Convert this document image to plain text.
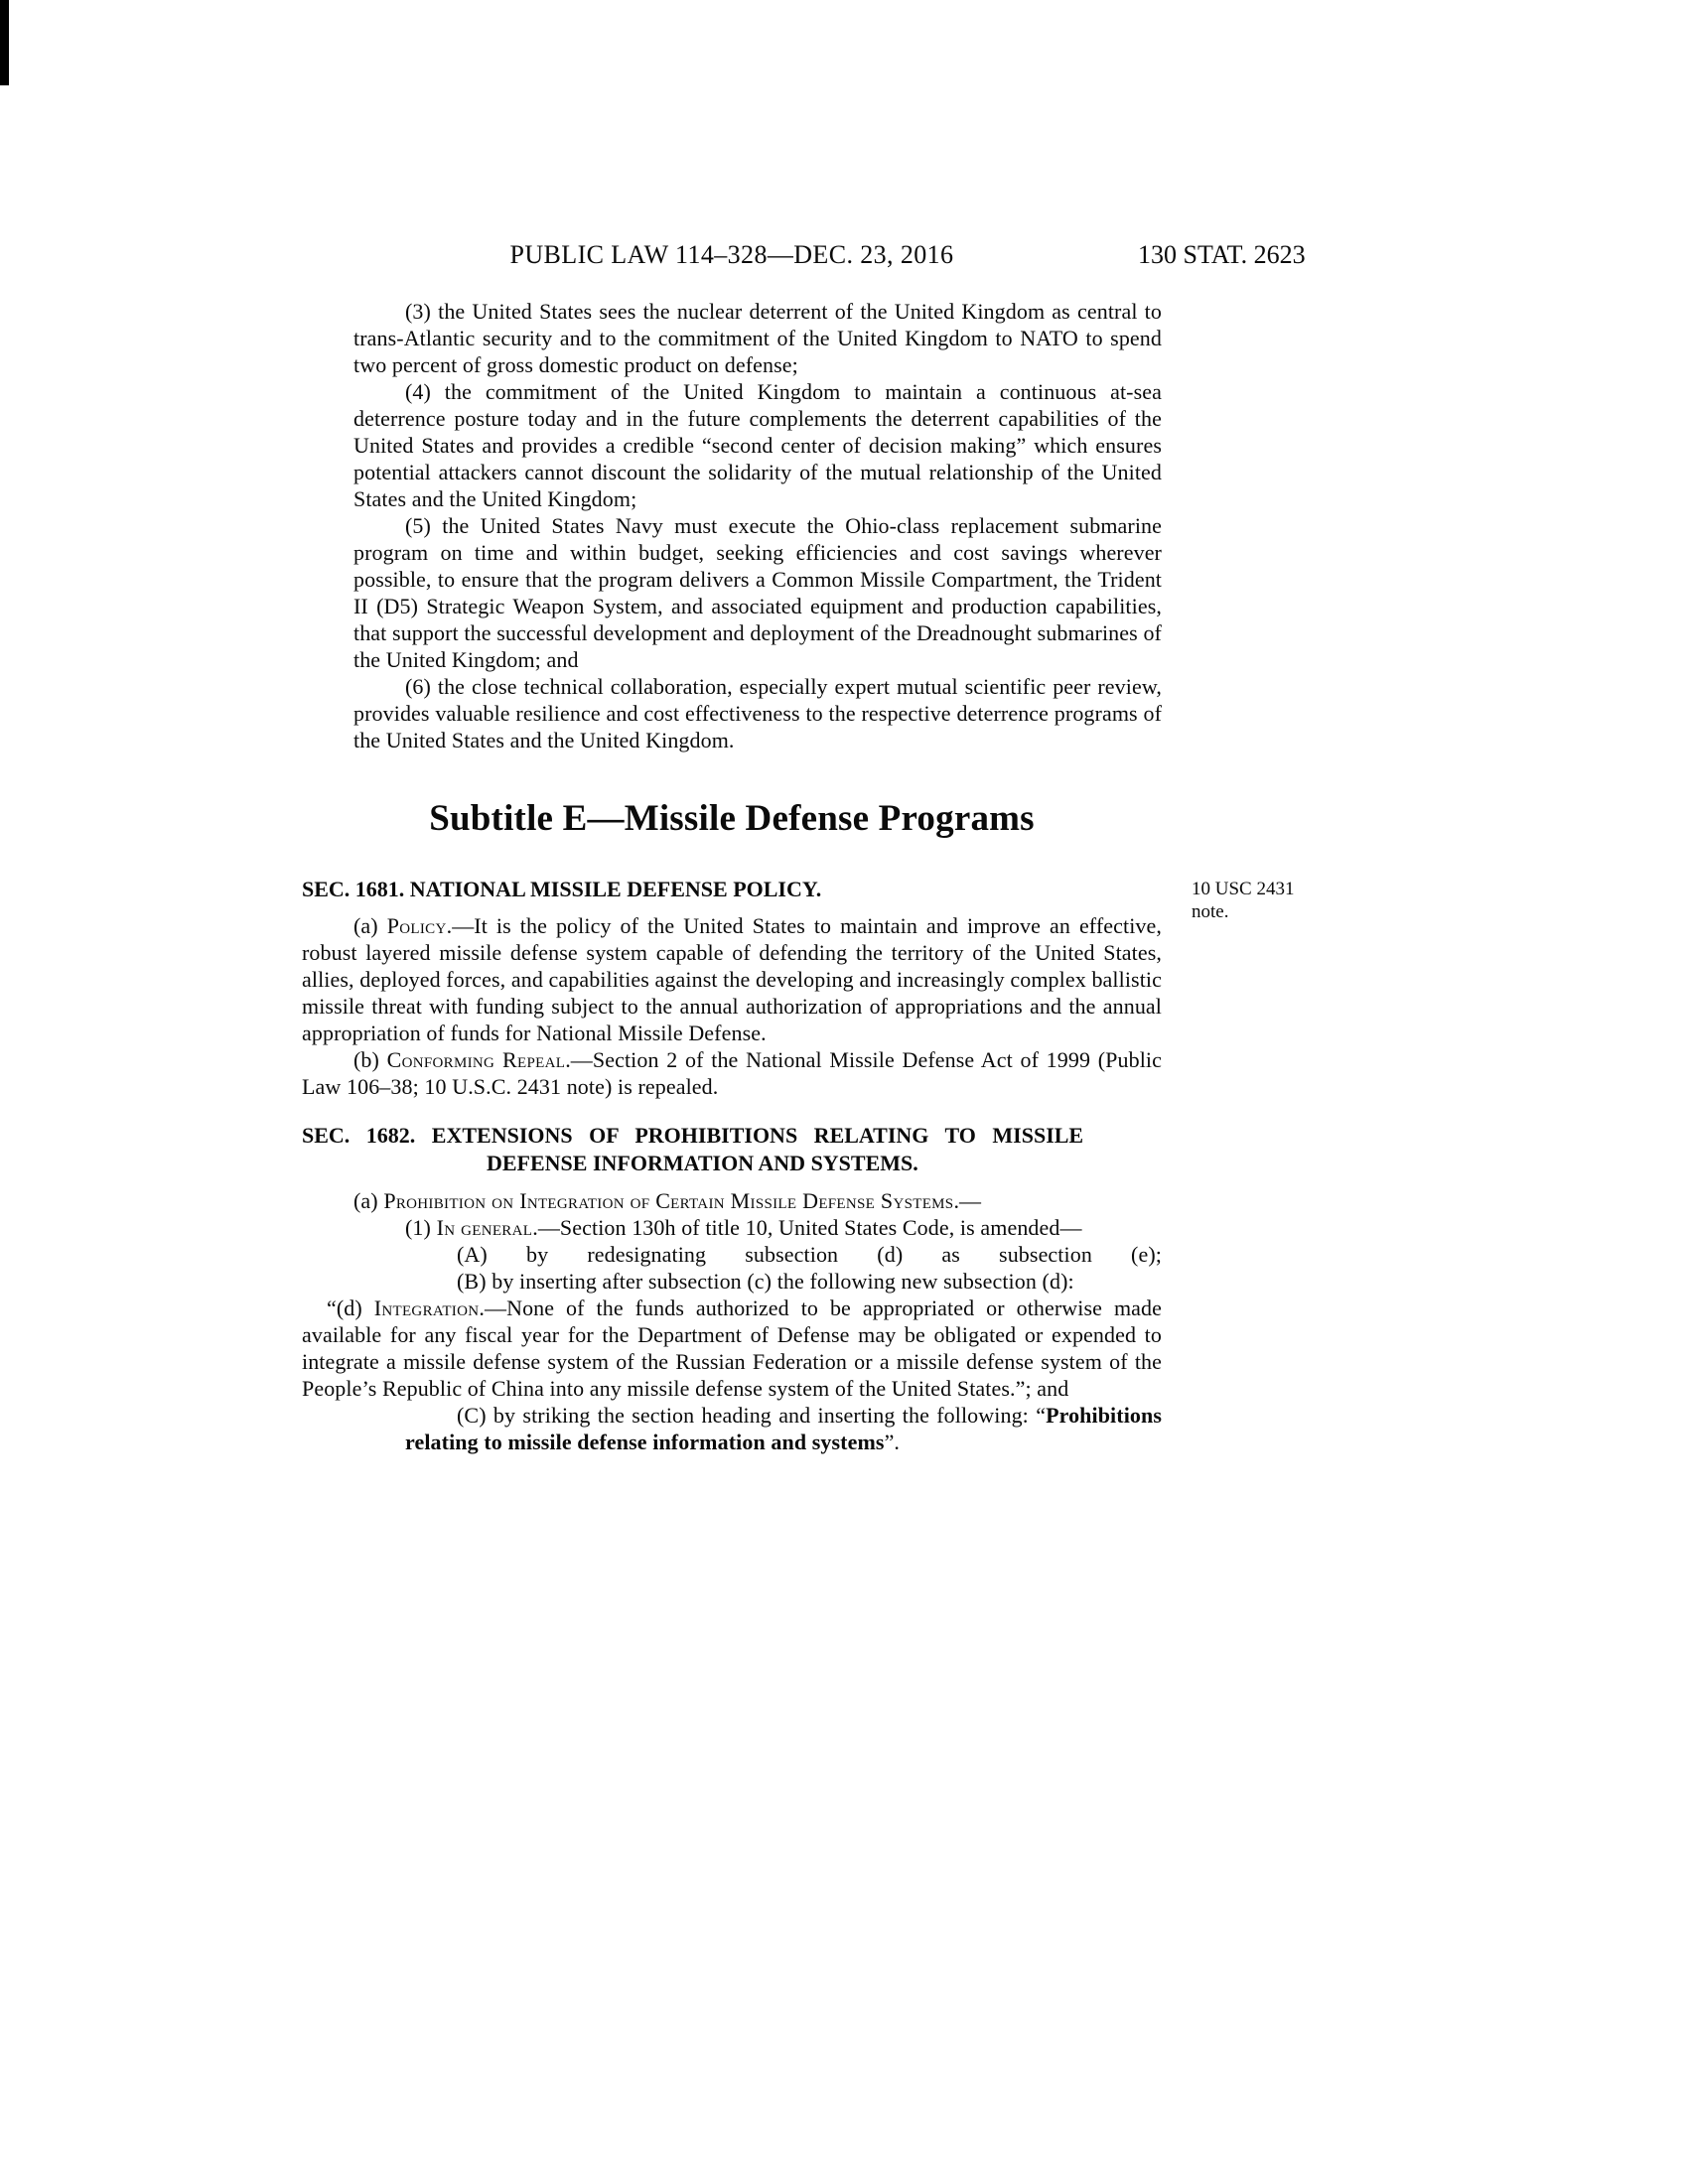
PUBLIC LAW 114–328—DEC. 23, 2016	130 STAT. 2623

(3) the United States sees the nuclear deterrent of the United Kingdom as central to trans-Atlantic security and to the commitment of the United Kingdom to NATO to spend two percent of gross domestic product on defense;

(4) the commitment of the United Kingdom to maintain a continuous at-sea deterrence posture today and in the future complements the deterrent capabilities of the United States and provides a credible “second center of decision making” which ensures potential attackers cannot discount the solidarity of the mutual relationship of the United States and the United Kingdom;

(5) the United States Navy must execute the Ohio-class replacement submarine program on time and within budget, seeking efficiencies and cost savings wherever possible, to ensure that the program delivers a Common Missile Compartment, the Trident II (D5) Strategic Weapon System, and associated equipment and production capabilities, that support the successful development and deployment of the Dreadnought submarines of the United Kingdom; and

(6) the close technical collaboration, especially expert mutual scientific peer review, provides valuable resilience and cost effectiveness to the respective deterrence programs of the United States and the United Kingdom.

Subtitle E—Missile Defense Programs
SEC. 1681. NATIONAL MISSILE DEFENSE POLICY.	10 USC 2431
note.

(a) Policy.—It is the policy of the United States to maintain and improve an effective, robust layered missile defense system capable of defending the territory of the United States, allies, deployed forces, and capabilities against the developing and increasingly complex ballistic missile threat with funding subject to the annual authorization of appropriations and the annual appropriation of funds for National Missile Defense.

(b) Conforming Repeal.—Section 2 of the National Missile Defense Act of 1999 (Public Law 106–38; 10 U.S.C. 2431 note) is repealed.

SEC. 1682. EXTENSIONS OF PROHIBITIONS RELATING TO MISSILE
DEFENSE INFORMATION AND SYSTEMS.

(a) Prohibition on Integration of Certain Missile Defense Systems.—

(1) In general.—Section 130h of title 10, United States Code, is amended—

(A) by redesignating subsection (d) as subsection (e);

(B) by inserting after subsection (c) the following new subsection (d):

“(d) Integration.—None of the funds authorized to be appropriated or otherwise made available for any fiscal year for the Department of Defense may be obligated or expended to integrate a missile defense system of the Russian Federation or a missile defense system of the People’s Republic of China into any missile defense system of the United States.”; and

(C) by striking the section heading and inserting the following: “Prohibitions relating to missile defense information and systems”.
